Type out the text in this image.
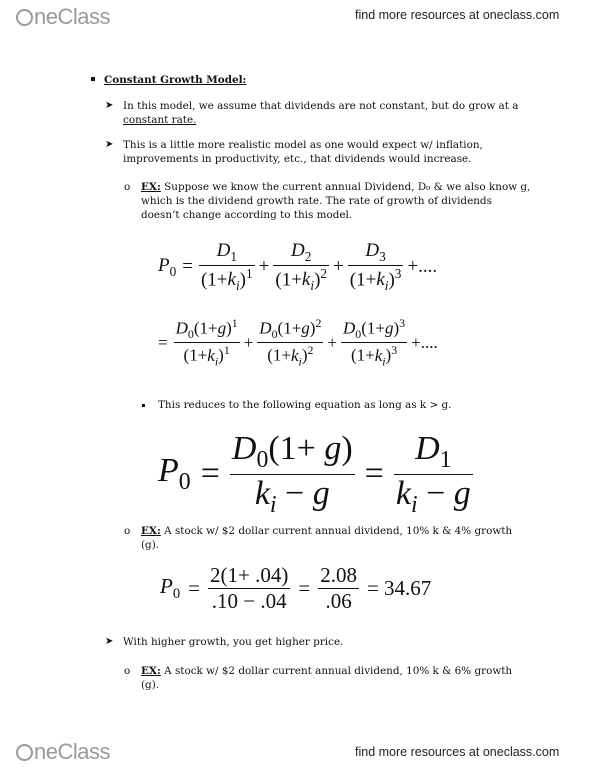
neClass	find more resources at oneclass.com
Constant Growth Model:
➤ In this model, we assume that dividends are not constant, but do grow at a
constant rate.
➤ This is a little more realistic model as one would expect w/ inflation,
improvements in productivity, etc., that dividends would increase.
o EX: Suppose we know the current annual Dividend, D₀ & we also know g,
which is the dividend growth rate. The rate of growth of dividends
doesn’t change according to this model.
$P_0 = \frac{D_1}{(1+k_i)^1} + \frac{D_2}{(1+k_i)^2} + \frac{D_3}{(1+k_i)^3}$ +....
= $\frac{D_0(1+g)^1}{(1+k_i)^1} + \frac{D_0(1+g)^2}{(1+k_i)^2} + \frac{D_0(1+g)^3}{(1+k_i)^3}$ +....
This reduces to the following equation as long as k > g.
$P_0 = \frac{D_0(1+ g)}{k_i - g} = \frac{D_1}{k_i - g}$
o EX: A stock w/ $2 dollar current annual dividend, 10% k & 4% growth
(g).
$P_0 = \frac{2(1+ .04)}{.10 - .04} = \frac{2.08}{.06} = 34.67$
➤ With higher growth, you get higher price.
o EX: A stock w/ $2 dollar current annual dividend, 10% k & 6% growth
(g).
neClass	find more resources at oneclass.com
